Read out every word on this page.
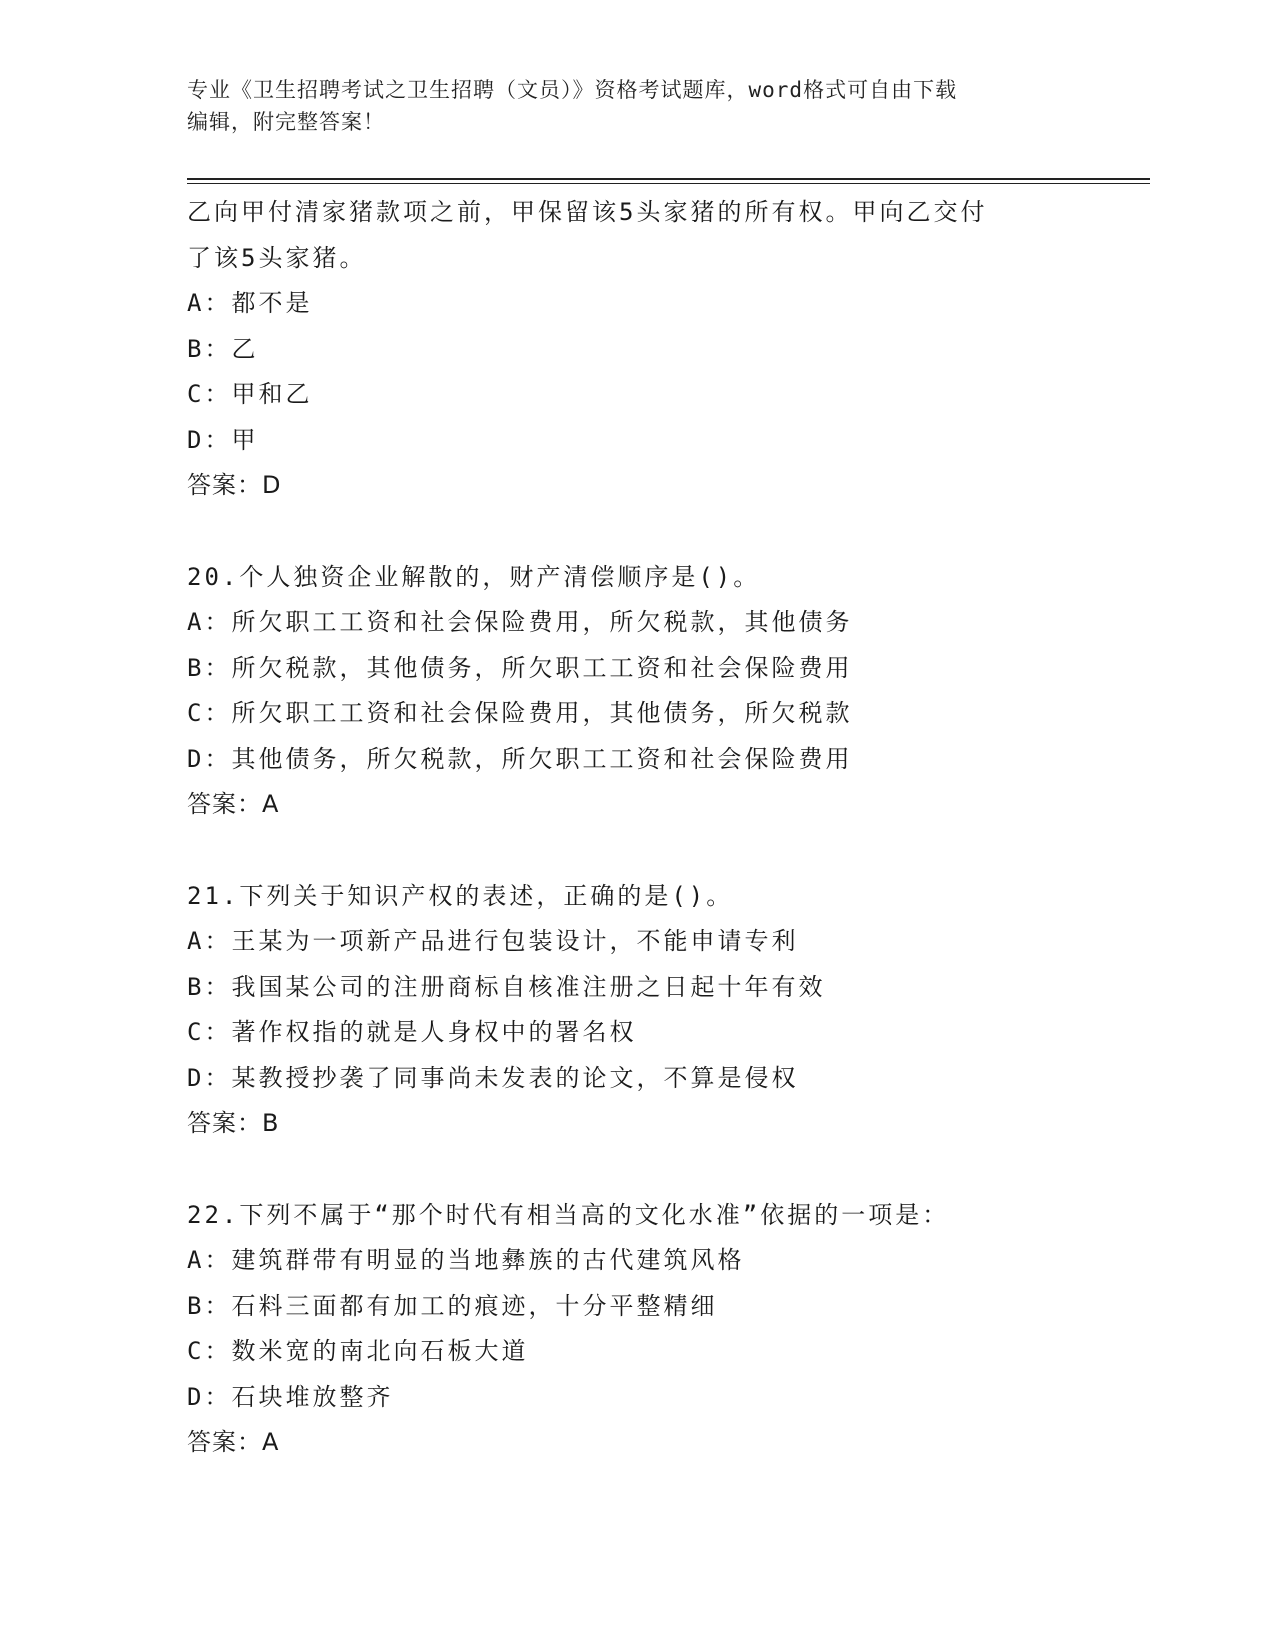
专业《卫生招聘考试之卫生招聘（文员）》资格考试题库，word格式可自由下载
编辑，附完整答案！
乙向甲付清家猪款项之前，甲保留该5头家猪的所有权。甲向乙交付
了该5头家猪。
A：都不是
B：乙
C：甲和乙
D：甲
答案：D
20.个人独资企业解散的，财产清偿顺序是()。
A：所欠职工工资和社会保险费用，所欠税款，其他债务
B：所欠税款，其他债务，所欠职工工资和社会保险费用
C：所欠职工工资和社会保险费用，其他债务，所欠税款
D：其他债务，所欠税款，所欠职工工资和社会保险费用
答案：A
21.下列关于知识产权的表述，正确的是()。
A：王某为一项新产品进行包装设计，不能申请专利
B：我国某公司的注册商标自核准注册之日起十年有效
C：著作权指的就是人身权中的署名权
D：某教授抄袭了同事尚未发表的论文，不算是侵权
答案：B
22.下列不属于“那个时代有相当高的文化水准”依据的一项是：
A：建筑群带有明显的当地彝族的古代建筑风格
B：石料三面都有加工的痕迹，十分平整精细
C：数米宽的南北向石板大道
D：石块堆放整齐
答案：A
